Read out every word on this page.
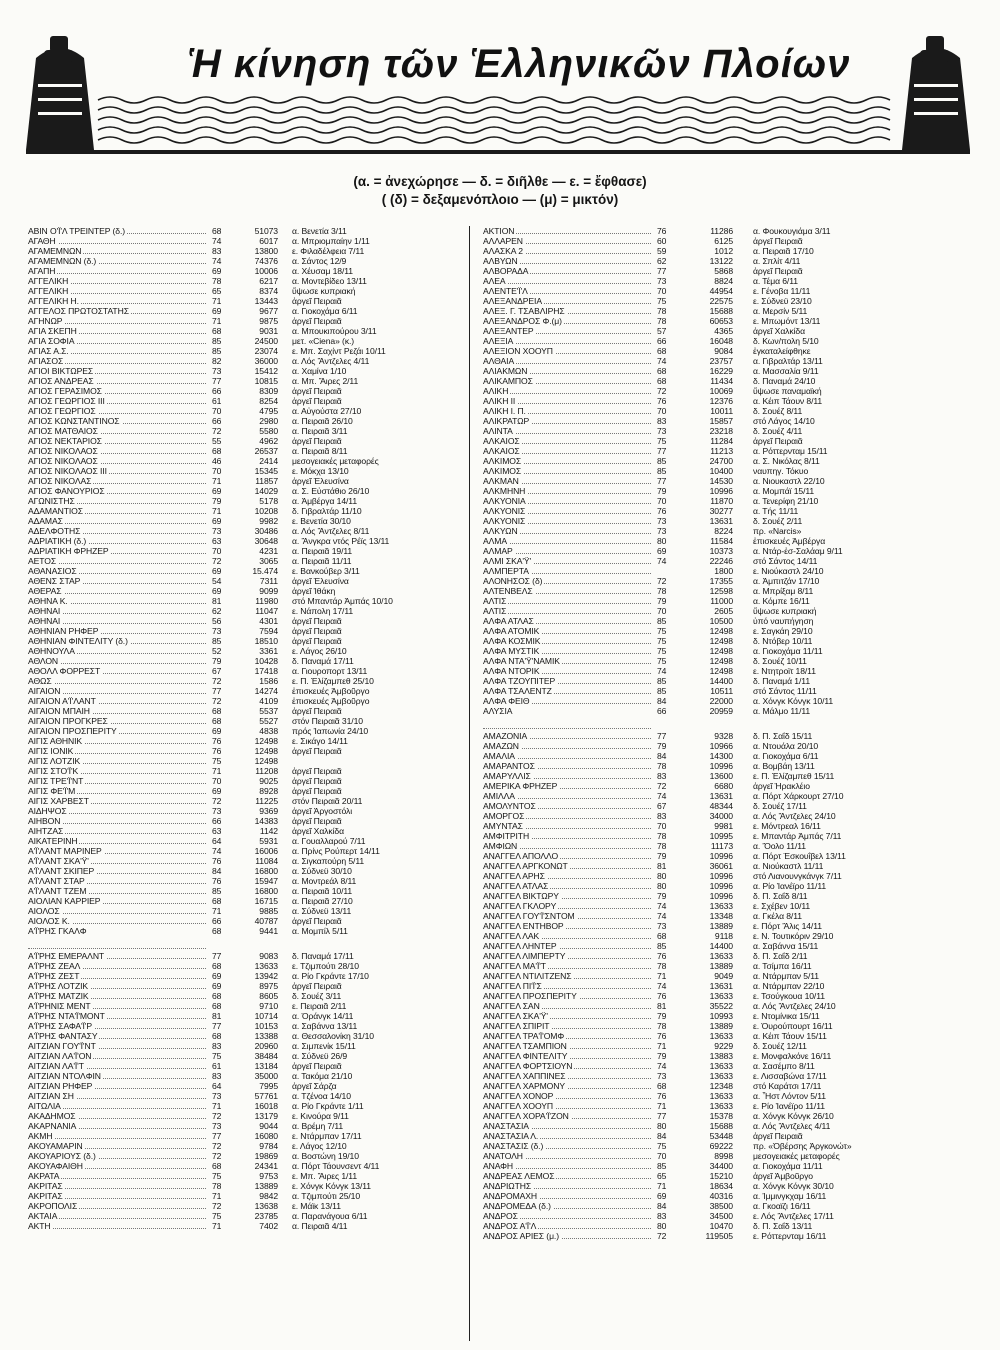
Ἡ κίνηση τῶν Ἑλληνικῶν Πλοίων
(α. = ἀνεχώρησε — δ. = διῆλθε — ε. = ἔφθασε)
( (δ) = δεξαμενόπλοιο — (μ) = μικτόν)
ΑΒΙΝ Ο'Ϊ'Λ ΤΡΕΙΝΤΕΡ (δ.)	68	51073	α. Βενετία 3/11
ΑΓΑΘΗ	74	6017	α. Μπριομπαίην 1/11
ΑΓΑΜΕΜΝΩΝ	83	13800	ε. Φιλαδέλφεια 7/11
ΑΓΑΜΕΜΝΩΝ (δ.)	74	74376	α. Σάντος 12/9
ΑΓΑΠΗ	69	10006	α. Χέυσαμ 18/11
ΑΓΓΕΛΙΚΗ	78	6217	α. Μοντεβίδεο 13/11
ΑΓΓΕΛΙΚΗ	65	8374	ὕψωσε κυπριακή
ΑΓΓΕΛΙΚΗ Η.	71	13443	ἀργεῖ Πειραιᾶ
ΑΓΓΕΛΟΣ ΠΡΩΤΟΣΤΑΤΗΣ	69	9677	α. Γιοκοχάμα 6/11
ΑΓΗΝΩΡ	71	9875	ἀργεῖ Πειραιᾶ
ΑΓΙΑ ΣΚΕΠΗ	68	9031	α. Μπουκιπούρου 3/11
ΑΓΙΑ ΣΟΦΙΑ	85	24500	μετ. «Ciena» (κ.)
ΑΓΙΑΣ Α.Σ.	85	23074	ε. Μπ. Σαχίντ Ρεζάι 10/11
ΑΓΙΑΣΟΣ	82	36000	α. Λός Ἄντζελες 4/11
ΑΓΙΟΙ ΒΙΚΤΩΡΕΣ	73	15412	α. Χαμίνα 1/10
ΑΓΙΟΣ ΑΝΔΡΕΑΣ	77	10815	α. Μπ. Ἄιρες 2/11
ΑΓΙΟΣ ΓΕΡΑΣΙΜΟΣ	66	8309	ἀργεῖ Πειραιᾶ
ΑΓΙΟΣ ΓΕΩΡΓΙΟΣ III	61	8254	ἀργεῖ Πειραιᾶ
ΑΓΙΟΣ ΓΕΩΡΓΙΟΣ	70	4795	α. Αὐγούστα 27/10
ΑΓΙΟΣ ΚΩΝΣΤΑΝΤΙΝΟΣ	66	2980	α. Πειραιᾶ 26/10
ΑΓΙΟΣ ΜΑΤΘΑΙΟΣ	72	5580	α. Πειραιᾶ 3/11
ΑΓΙΟΣ ΝΕΚΤΑΡΙΟΣ	55	4962	ἀργεῖ Πειραιᾶ
ΑΓΙΟΣ ΝΙΚΟΛΑΟΣ	68	26537	α. Πειραιᾶ 8/11
ΑΓΙΟΣ ΝΙΚΟΛΑΟΣ	46	2414	μεσογειακές μεταφορές
ΑΓΙΟΣ ΝΙΚΟΛΑΟΣ III	70	15345	ε. Μόκχα 13/10
ΑΓΙΟΣ ΝΙΚΟΛΑΣ	71	11857	ἀργεῖ Ἐλευσίνα
ΑΓΙΟΣ ΦΑΝΟΥΡΙΟΣ	69	14029	α. Σ. Εὐστάθιο 26/10
ΑΓΩΝΙΣΤΗΣ	79	5178	α. Ἀμβέργα 14/11
ΑΔΑΜΑΝΤΙΟΣ	71	10208	δ. Γιβραλτάρ 11/10
ΑΔΑΜΑΣ	69	9982	ε. Βενετία 30/10
ΑΔΕΛΦΟΤΗΣ	73	30486	α. Λός Ἄντζελες 8/11
ΑΔΡΙΑΤΙΚΗ (δ.)	63	30648	α. Ἄνγκρα ντός Ρέϊς 13/11
ΑΔΡΙΑΤΙΚΗ ΦΡΗΖΕΡ	70	4231	α. Πειραιᾶ 19/11
ΑΕΤΟΣ	72	3065	α. Πειραιᾶ 11/11
ΑΘΑΝΑΣΙΟΣ	69	15.474	ε. Βανκούβερ 3/11
ΑΘΕΝΣ ΣΤΑΡ	54	7311	ἀργεῖ Ἐλευσίνα
ΑΘΕΡΑΣ	69	9099	ἀργεῖ Ἰθάκη
ΑΘΗΝΑ Κ.	81	11980	στό Μπαντάρ Ἀμπάς 10/10
ΑΘΗΝΑΙ	62	11047	ε. Νάπολη 17/11
ΑΘΗΝΑΙ	56	4301	ἀργεῖ Πειραιᾶ
ΑΘΗΝΙΑΝ ΡΗΦΕΡ	73	7594	ἀργεῖ Πειραιᾶ
ΑΘΗΝΙΑΝ ΦΙΝΤΕΛΙΤΥ (δ.)	85	18510	ἀργεῖ Πειραιᾶ
ΑΘΗΝΟΥΛΑ	52	3361	ε. Λάγος 26/10
ΑΘΛΟΝ	79	10428	δ. Παναμά 17/11
ΑΘΟΛΛ ΦΟΡΡΕΣΤ	67	17418	α. Γιουροπορτ 13/11
ΑΘΩΣ	72	1586	ε. Π. Ἐλίζαμπεθ 25/10
ΑΙΓΑΙΟΝ	77	14274	ἐπισκευές Ἀμβοῦργο
ΑΙΓΑΙΟΝ Α'Ϊ'ΛΑΝΤ	72	4109	ἐπισκευές Ἀμβοῦργο
ΑΙΓΑΙΟΝ ΜΠΑΙΗ	68	5537	ἀργεῖ Πειραιᾶ
ΑΙΓΑΙΟΝ ΠΡΟΓΚΡΕΣ	68	5527	στόν Πειραιᾶ 31/10
ΑΙΓΑΙΟΝ ΠΡΟΣΠΕΡΙΤΥ	69	4838	πρός Ἰαπωνία 24/10
ΑΙΓΙΣ ΑΘΗΝΙΚ	76	12498	ε. Σικάγο 14/11
ΑΙΓΙΣ ΙΟΝΙΚ	76	12498	ἀργεῖ Πειραιᾶ
ΑΙΓΙΣ ΛΟΤΖΙΚ	75	12498
ΑΙΓΙΣ ΣΤΟ'Ϊ'Κ	71	11208	ἀργεῖ Πειραιᾶ
ΑΙΓΙΣ ΤΡΕ'Ϊ'ΝΤ	70	9025	ἀργεῖ Πειραιᾶ
ΑΙΓΙΣ ΦΕ'Ϊ'Μ	69	8928	ἀργεῖ Πειραιᾶ
ΑΙΓΙΣ ΧΑΡΒΕΣΤ	72	11225	στόν Πειραιᾶ 20/11
ΑΙΔΗΨΟΣ	73	9369	ἀργεῖ Ἀργοστόλι
ΑΙΗΒΟΝ	66	14383	ἀργεῖ Πειραιᾶ
ΑΙΗΤΖΑΣ	63	1142	ἀργεῖ Χαλκίδα
ΑΙΚΑΤΕΡΙΝΗ	64	5931	α. Γουαλλαρού 7/11
Α'Ϊ'ΛΑΝΤ ΜΑΡΙΝΕΡ	74	16006	α. Πρίνς Ρούπερτ 14/11
Α'Ϊ'ΛΑΝΤ ΣΚΑ'Ϋ'	76	11084	α. Σιγκαπούρη 5/11
Α'Ϊ'ΛΑΝΤ ΣΚΙΠΕΡ	84	16800	α. Σύδνεϋ 30/10
Α'Ϊ'ΛΑΝΤ ΣΤΑΡ	76	15947	α. Μοντρεάλ 8/11
Α'Ϊ'ΛΑΝΤ ΤΖΕΜ	85	16800	α. Πειραιᾶ 10/11
ΑΙΟΛΙΑΝ ΚΑΡΡΙΕΡ	68	16715	α. Πειραιᾶ 27/10
ΑΙΟΛΟΣ	71	9885	α. Σύδνεϋ 13/11
ΑΙΟΛΟΣ Κ.	66	40787	ἀργεῖ Πειραιᾶ
Α'Ϊ'ΡΗΣ ΓΚΑΛΦ	68	9441	α. Μομπίλ 5/11
Α'Ϊ'ΡΗΣ ΕΜΕΡΑΛΝΤ	77	9083	δ. Παναμά 17/11
Α'Ϊ'ΡΗΣ ΖΕΑΛ	68	13633	ε. Τζιμπούτι 28/10
Α'Ϊ'ΡΗΣ ΖΕΣΤ	69	13942	α. Ρίο Γκράντε 17/10
Α'Ϊ'ΡΗΣ ΛΟΤΖΙΚ	69	8975	ἀργεῖ Πειραιᾶ
Α'Ϊ'ΡΗΣ ΜΑΤΖΙΚ	68	8605	δ. Σουέζ 3/11
Α'Ϊ'ΡΗΝΙΣ ΜΕΝΤ	68	9710	ε. Πειραιᾶ 2/11
Α'Ϊ'ΡΗΣ ΝΤΑ'Ϊ'ΜΟΝΤ	81	10714	α. Ὀράνγκ 14/11
Α'Ϊ'ΡΗΣ ΣΑΦΑ'Ϊ'Ρ	77	10153	α. Σαβάννα 13/11
Α'Ϊ'ΡΗΣ ΦΑΝΤΑΣΥ	68	13388	α. Θεσσαλονίκη 31/10
ΑΙΤΖΙΑΝ ΓΟΥ'Ϊ'ΝΤ	83	20960	α. Σιμπενίκ 15/11
ΑΙΤΖΙΑΝ ΛΑ'Ϊ'ΟΝ	75	38484	α. Σύδνεϋ 26/9
ΑΙΤΖΙΑΝ ΛΑ'Ϊ'Τ	61	13184	ἀργεῖ Πειραιᾶ
ΑΙΤΖΙΑΝ ΝΤΟΛΦΙΝ	83	35000	α. Τακόμα 21/10
ΑΙΤΖΙΑΝ ΡΗΦΕΡ	64	7995	ἀργεῖ Σάρζα
ΑΙΤΖΙΑΝ ΣΗ	73	57761	α. Τζένοα 14/10
ΑΙΤΩΛΙΑ	71	16018	α. Ρίο Γκράντε 1/11
ΑΚΑΔΗΜΟΣ	72	13179	ε. Κινούρα 9/11
ΑΚΑΡΝΑΝΙΑ	73	9044	α. Βρέμη 7/11
ΑΚΜΗ	77	16080	ε. Ντάρμπαν 17/11
ΑΚΟΥΑΜΑΡΙΝ	72	9784	ε. Λάγος 12/10
ΑΚΟΥΑΡΙΟΥΣ (δ.)	72	19869	α. Βοστώνη 19/10
ΑΚΟΥΑΦΑΙΘΗ	68	24341	α. Πόρτ Τάουνσεντ 4/11
ΑΚΡΑΤΑ	75	9753	ε. Μπ. Ἄιρες 1/11
ΑΚΡΙΤΑΣ	78	13889	ε. Χόνγκ Κόνγκ 13/11
ΑΚΡΙΤΑΣ	71	9842	α. Τζιμπούτι 25/10
ΑΚΡΟΠΟΛΙΣ	72	13638	ε. Μάϊκ 13/11
ΑΚΤΑΙΑ	75	23785	α. Παρανάγουα 6/11
ΑΚΤΗ	71	7402	α. Πειραιᾶ 4/11
ΑΚΤΙΟΝ	76	11286	α. Φουκουγιάμα 3/11
ΑΛΛΑΡΕΝ	60	6125	ἀργεῖ Πειραιᾶ
ΑΛΑΣΚΑ 2	59	1012	α. Πειραιᾶ 17/10
ΑΛΒΥΩΝ	62	13122	α. Σπλίτ 4/11
ΑΛΒΟΡΑΔΑ	77	5868	ἀργεῖ Πειραιᾶ
ΑΛΕΑ	73	8824	α. Τέμα 6/11
ΑΛΕΝΤΕ'Ϊ'Λ	70	44954	ε. Γένοβα 11/11
ΑΛΕΞΑΝΔΡΕΙΑ	75	22575	ε. Σύδνεϋ 23/10
ΑΛΕΞ. Γ. ΤΣΑΒΛΙΡΗΣ	78	15688	α. Μερσίν 5/11
ΑΛΕΞΑΝΔΡΟΣ Φ.(μ)	78	60653	ε. Μπωμόντ 13/11
ΑΛΕΞΑΝΤΕΡ	57	4365	ἀργεῖ Χαλκίδα
ΑΛΕΞΙΑ	66	16048	δ. Κων/πολη 5/10
ΑΛΕΞΙΟΝ ΧΟΟΥΠ	68	9084	ἐγκαταλείφθηκε
ΑΛΘΑΙΑ	74	23757	α. Γιβραλτάρ 13/11
ΑΛΙΑΚΜΩΝ	68	16229	α. Μασσαλία 9/11
ΑΛΙΚΑΜΠΟΣ	68	11434	δ. Παναμά 24/10
ΑΛΙΚΗ	72	10069	ὕψωσε παναμαϊκή
ΑΛΙΚΗ II	76	12376	α. Κέιπ Τάουν 8/11
ΑΛΙΚΗ Ι. Π.	70	10011	δ. Σουέζ 8/11
ΑΛΙΚΡΑΤΩΡ	83	15857	στό Λάγος 14/10
ΑΛΙΝΤΑ	73	23218	δ. Σουέζ 4/11
ΑΛΚΑΙΟΣ	75	11284	ἀργεῖ Πειραιᾶ
ΑΛΚΑΙΟΣ	77	11213	α. Ρόττερνταμ 15/11
ΑΛΚΙΜΟΣ	85	24700	α. Σ. Νικόλας 8/11
ΑΛΚΙΜΟΣ	85	10400	ναυπηγ. Τόκυο
ΑΛΚΜΑΝ	77	14530	α. Νιουκαστλ 22/10
ΑΛΚΜΗΝΗ	79	10996	α. Μομπάϊ 15/11
ΑΛΚΥΟΝΙΑ	70	11870	α. Τενερίφη 21/10
ΑΛΚΥΟΝΙΣ	76	30277	α. Τής 11/11
ΑΛΚΥΟΝΙΣ	73	13631	δ. Σουέζ 2/11
ΑΛΚΥΩΝ	73	8224	πρ. «Narcis»
ΑΛΜΑ	80	11584	ἐπισκευές Ἀμβέργα
ΑΛΜΑΡ	69	10373	α. Ντάρ-ἐσ-Σαλάαμ 9/11
ΑΛΜΙ ΣΚΑ'Ϋ'	74	22246	στό Σάντος 14/11
ΑΛΜΠΕΡΤΑ	1800	ε. Νιούκαστλ 24/10
ΑΛΟΝΗΣΟΣ (δ)	72	17355	α. Ἀμπιτζάν 17/10
ΑΛΤΕΝΒΕΛΣ	78	12598	α. Μπρίξαμ 8/11
ΑΛΤΙΣ	79	11000	α. Κόμπε 16/11
ΑΛΤΙΣ	70	2605	ὕψωσε κυπριακή
ΑΛΦΑ ΑΤΛΑΣ	85	10500	ὑπό ναυπήγηση
ΑΛΦΑ ΑΤΟΜΙΚ	75	12498	ε. Σαγκάη 29/10
ΑΛΦΑ ΚΟΣΜΙΚ	75	12498	δ. Ντόβερ 10/11
ΑΛΦΑ ΜΥΣΤΙΚ	75	12498	α. Γιοκοχάμα 11/11
ΑΛΦΑ ΝΤΑ'Ϋ'ΝΑΜΙΚ	75	12498	δ. Σουέζ 10/11
ΑΛΦΑ ΝΤΟΡΙΚ	74	12498	ε. Ντητροϊτ 18/11
ΑΛΦΑ ΤΖΟΥΠΙΤΕΡ	85	14400	δ. Παναμά 1/11
ΑΛΦΑ ΤΣΑΛΕΝΤΖ	85	10511	στό Σάντος 11/11
ΑΛΦΑ ΦΕΙΘ	84	22000	α. Χόνγκ Κόνγκ 10/11
ΑΛΥΣΙΑ	66	20959	α. Μάλμο 11/11
ΑΜΑΖΟΝΙΑ	77	9328	δ. Π. Σαΐδ 15/11
ΑΜΑΖΩΝ	79	10966	α. Ντουάλα 20/10
ΑΜΑΛΙΑ	84	14300	α. Γιοκοχάμα 6/11
ΑΜΑΡΑΝΤΟΣ	78	10996	α. Βομβάη 13/11
ΑΜΑΡΥΛΛΙΣ	83	13600	ε. Π. Ἐλίζαμπεθ 15/11
ΑΜΕΡΙΚΑ ΦΡΗΖΕΡ	72	6680	ἀργεῖ Ἡρακλέιο
ΑΜΙΛΛΑ	74	13631	α. Πόρτ Χάρκουρτ 27/10
ΑΜΟΛΥΝΤΟΣ	67	48344	δ. Σουέζ 17/11
ΑΜΟΡΓΟΣ	83	34000	α. Λός Ἄντζελες 24/10
ΑΜΥΝΤΑΣ	70	9981	ε. Μόντρεαλ 16/11
ΑΜΦΙΤΡΙΤΗ	78	10995	ε. Μπαντάρ Ἀμπάς 7/11
ΑΜΦΙΩΝ	78	11173	α. Ὄολο 11/11
ΑΝΑΓΓΕΛ ΑΠΟΛΛΟ	79	10996	α. Πόρτ Ἐσκουΐβελ 13/11
ΑΝΑΓΓΕΛ ΑΡΓΚΟΝΩΤ	81	36061	α. Νιούκαστλ 11/11
ΑΝΑΓΓΕΛ ΑΡΗΣ	80	10996	στό Λιανουνγκάνγκ 7/11
ΑΝΑΓΓΕΛ ΑΤΛΑΣ	80	10996	α. Ρίο Ἰανέϊρο 11/11
ΑΝΑΓΓΕΛ ΒΙΚΤΩΡΥ	79	10996	δ. Π. Σαΐδ 8/11
ΑΝΑΓΓΕΛ ΓΚΛΟΡΥ	74	13633	ε. Σχέβεν 10/11
ΑΝΑΓΓΕΛ ΓΟΥ'Ϊ'ΣΝΤΟΜ	74	13348	α. Γκέλα 8/11
ΑΝΑΓΓΕΛ ΕΝΤΗΒΟΡ	73	13889	ε. Πόρτ Ἄλις 14/11
ΑΝΑΓΓΕΛ ΛΑΚ	68	9118	ε. Ν. Τουτικόριν 29/10
ΑΝΑΓΓΕΛ ΛΗΝΤΕΡ	85	14400	α. Σαβάννα 15/11
ΑΝΑΓΓΕΛ ΛΙΜΠΕΡΤΥ	76	13633	δ. Π. Σαΐδ 2/11
ΑΝΑΓΓΕΛ ΜΑ'Ϊ'Τ	78	13889	α. Τσίμπα 16/11
ΑΝΑΓΓΕΛ ΝΤΙΛΙΤΖΕΝΣ	71	9049	α. Ντάρμπαν 5/11
ΑΝΑΓΓΕΛ ΠΙ'Ϊ'Σ	74	13631	α. Ντάρμπαν 22/10
ΑΝΑΓΓΕΛ ΠΡΟΣΠΕΡΙΤΥ	76	13633	ε. Τσούγκουα 10/11
ΑΝΑΓΓΕΛ ΣΑΝ	81	35522	α. Λός Ἄντζελες 24/10
ΑΝΑΓΓΕΛ ΣΚΑ'Ϋ'	79	10993	ε. Ντομίνικα 15/11
ΑΝΑΓΓΕΛ ΣΠΙΡΙΤ	78	13889	ε. Ὀυρούπουρτ 16/11
ΑΝΑΓΓΕΛ ΤΡΑ'Ϊ'ΟΜΦ	76	13633	α. Κέιπ Τάουν 15/11
ΑΝΑΓΓΕΛ ΤΣΑΜΠΙΟΝ	71	9229	δ. Σουέζ 12/11
ΑΝΑΓΓΕΛ ΦΙΝΤΕΛΙΤΥ	79	13883	ε. Μονφαλκόνε 16/11
ΑΝΑΓΓΕΛ ΦΟΡΤΣΙΟΥΝ	74	13633	α. Σασέμπο 8/11
ΑΝΑΓΓΕΛ ΧΑΠΠΙΝΕΣ	73	13633	ε. Λισσαβώνα 17/11
ΑΝΑΓΓΕΛ ΧΑΡΜΟΝΥ	68	12348	στό Καράτσι 17/11
ΑΝΑΓΓΕΛ ΧΟΝΟΡ	76	13633	α. Ἦστ Λόντον 5/11
ΑΝΑΓΓΕΛ ΧΟΟΥΠ	71	13633	ε. Ρίο Ἰανέϊρο 11/11
ΑΝΑΓΓΕΛ ΧΟΡΑ'Ϊ'ΖΟΝ	77	15378	α. Χόνγκ Κόνγκ 26/10
ΑΝΑΣΤΑΣΙΑ	80	15688	α. Λός Ἄντζελες 4/11
ΑΝΑΣΤΑΣΙΑ Λ.	84	53448	ἀργεῖ Πειραιᾶ
ΑΝΑΣΤΑΣΙΣ (δ.)	75	69222	πρ. «Ὀβέρσης Ἀργκονώτ»
ΑΝΑΤΟΛΗ	70	8998	μεσογειακές μεταφορές
ΑΝΑΦΗ	85	34400	α. Γιοκοχάμα 11/11
ΑΝΔΡΕΑΣ ΛΕΜΟΣ	65	15210	ἀργεῖ Ἀμβοῦργο
ΑΝΔΡΙΩΤΗΣ	71	18634	α. Χόνγκ Κόνγκ 30/10
ΑΝΔΡΟΜΑΧΗ	69	40316	α. Ἰμμινγκχαμ 16/11
ΑΝΔΡΟΜΕΔΑ (δ.)	84	38500	α. Γκοαϊζι 16/11
ΑΝΔΡΟΣ	83	34500	ε. Λός Ἄντζελες 17/11
ΑΝΔΡΟΣ Α'Ϊ'Λ	80	10470	δ. Π. Σαΐδ 13/11
ΑΝΔΡΟΣ ΑΡΙΕΣ (μ.)	72	119505	ε. Ρόττερνταμ 16/11
